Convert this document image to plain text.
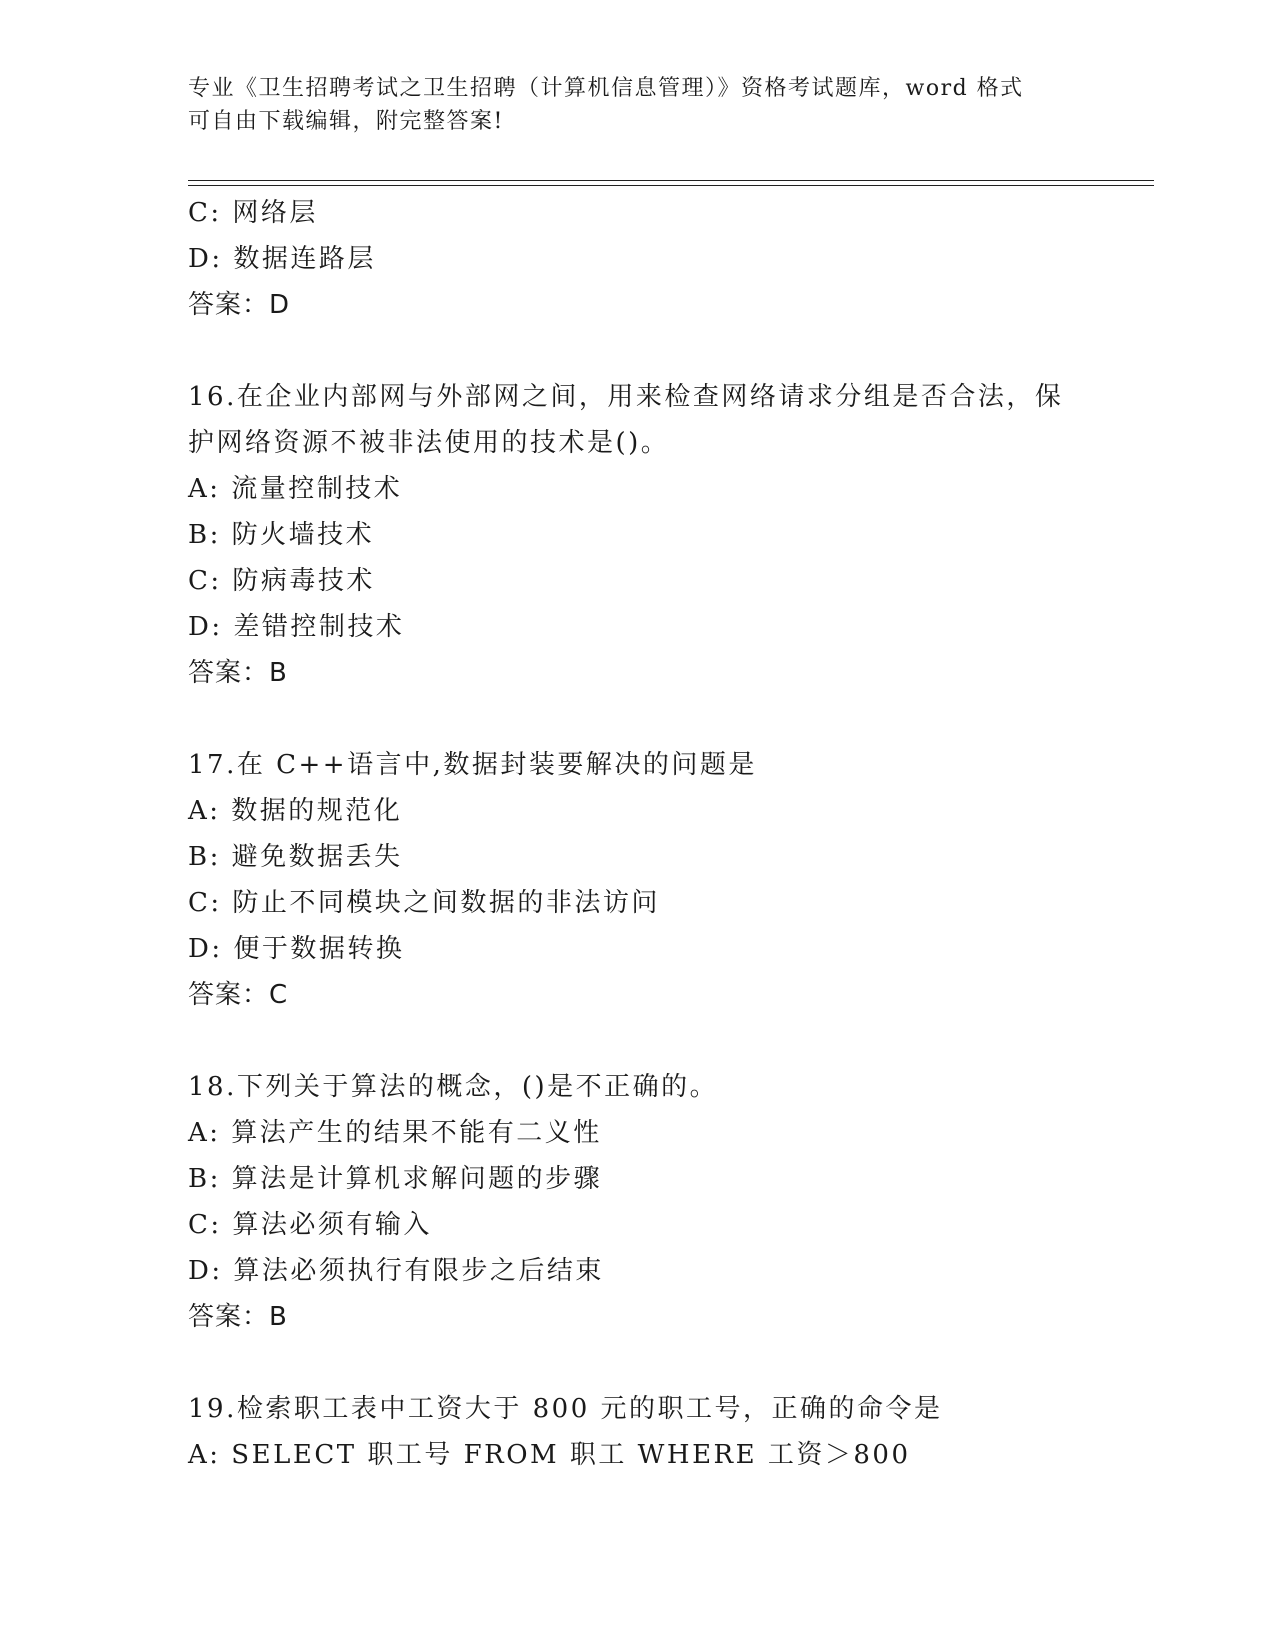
专业《卫生招聘考试之卫生招聘（计算机信息管理）》资格考试题库，word 格式
可自由下载编辑，附完整答案!
C: 网络层
D: 数据连路层
答案：D
16.在企业内部网与外部网之间，用来检查网络请求分组是否合法，保
护网络资源不被非法使用的技术是()。
A: 流量控制技术
B: 防火墙技术
C: 防病毒技术
D: 差错控制技术
答案：B
17.在 C++语言中,数据封装要解决的问题是
A: 数据的规范化
B: 避免数据丢失
C: 防止不同模块之间数据的非法访问
D: 便于数据转换
答案：C
18.下列关于算法的概念，()是不正确的。
A: 算法产生的结果不能有二义性
B: 算法是计算机求解问题的步骤
C: 算法必须有输入
D: 算法必须执行有限步之后结束
答案：B
19.检索职工表中工资大于 800 元的职工号，正确的命令是
A: SELECT 职工号 FROM 职工 WHERE 工资＞800
